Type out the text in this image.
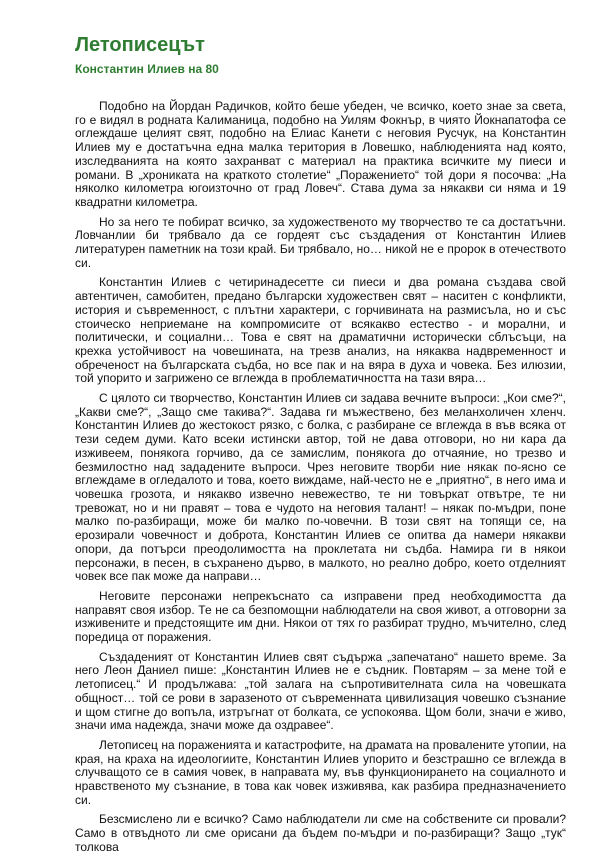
Летописецът
Константин Илиев на 80

Подобно на Йордан Радичков, който беше убеден, че всичко, което знае за света, го е видял в родната Калиманица, подобно на Уилям Фокнър, в чиято Йокнапатофа се оглеждаше целият свят, подобно на Елиас Канети с неговия Русчук, на Константин Илиев му е достатъчна една малка територия в Ловешко, наблюденията над която, изследванията на която захранват с материал на практика всичките му пиеси и романи. В „хрониката на краткото столетие“ „Поражението“ той дори я посочва: „На няколко километра югоизточно от град Ловеч“. Става дума за някакви си няма и 19 квадратни километра.

Но за него те побират всичко, за художественото му творчество те са достатъчни. Ловчанлии би трябвало да се гордеят със създадения от Константин Илиев литературен паметник на този край. Би трябвало, но… никой не е пророк в отечеството си.

Константин Илиев с четиринадесетте си пиеси и два романа създава свой автентичен, самобитен, предано български художествен свят – наситен с конфликти, история и съвременност, с плътни характери, с горчивината на размисъла, но и със стоическо неприемане на компромисите от всякакво естество - и морални, и политически, и социални… Това е свят на драматични исторически сблъсъци, на крехка устойчивост на човешината, на трезв анализ, на някаква надвременност и обреченост на българската съдба, но все пак и на вяра в духа и човека. Без илюзии, той упорито и загрижено се вглежда в проблематичността на тази вяра…

С цялото си творчество, Константин Илиев си задава вечните въпроси: „Кои сме?“, „Какви сме?“, „Защо сме такива?“. Задава ги мъжествено, без меланхоличен хленч. Константин Илиев до жестокост рязко, с болка, с разбиране се вглежда в във всяка от тези седем думи. Като всеки истински автор, той не дава отговори, но ни кара да изживеем, понякога горчиво, да се замислим, понякога до отчаяние, но трезво и безмилостно над зададените въпроси. Чрез неговите творби ние някак по-ясно се вглеждаме в огледалото и това, което виждаме, най-често не е „приятно“, в него има и човешка грозота, и някакво извечно невежество, те ни товъркат отвътре, те ни тревожат, но и ни правят – това е чудото на неговия талант! – някак по-мъдри, поне малко по-разбиращи, може би малко по-човечни. В този свят на топящи се, на ерозирали човечност и доброта, Константин Илиев се опитва да намери някакви опори, да потърси преодолимостта на проклетата ни съдба. Намира ги в някои персонажи, в песен, в съхранено дърво, в малкото, но реално добро, което отделният човек все пак може да направи…

Неговите персонажи непрекъснато са изправени пред необходимостта да направят своя избор. Те не са безпомощни наблюдатели на своя живот, а отговорни за изживените и предстоящите им дни. Някои от тях го разбират трудно, мъчително, след поредица от поражения.

Създаденият от Константин Илиев свят съдържа „запечатано“ нашето време. За него Леон Даниел пише: „Константин Илиев не е съдник. Повтарям – за мене той е летописец.“ И продължава: „той залага на съпротивителната сила на човешката общност… той се рови в заразеното от съвременната цивилизация човешко съзнание и щом стигне до вопъла, изтръгнат от болката, се успокоява. Щом боли, значи е живо, значи има надежда, значи може да оздравее“.

Летописец на пораженията и катастрофите, на драмата на провалените утопии, на края, на краха на идеологиите, Константин Илиев упорито и безстрашно се вглежда в случващото се в самия човек, в направата му, във функционирането на социалното и нравственото му съзнание, в това как човек изживява, как разбира предназначението си.

Безсмислено ли е всичко? Само наблюдатели ли сме на собствените си провали? Само в отвъдното ли сме орисани да бъдем по-мъдри и по-разбиращи? Защо „тук“ толкова
